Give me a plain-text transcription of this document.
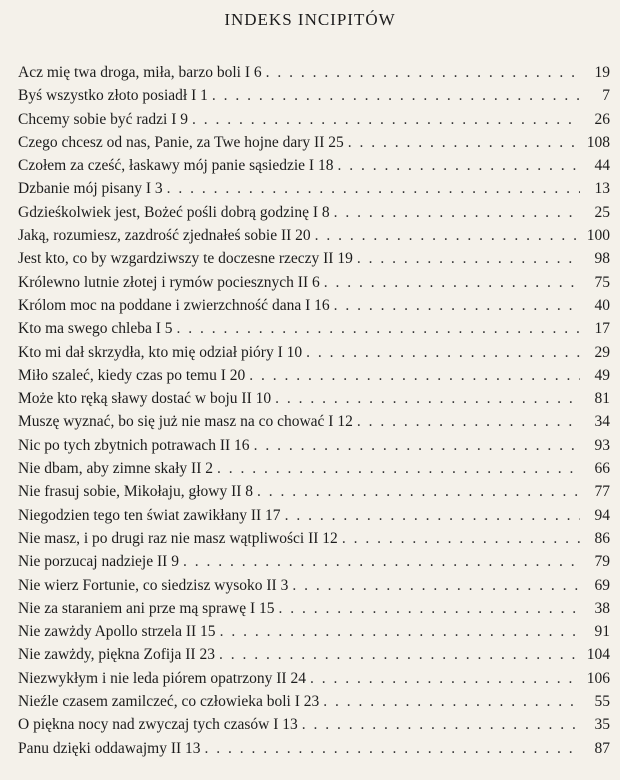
INDEKS INCIPITÓW
Acz mię twa droga, miła, barzo boli I 6 . . .	19
Byś wszystko złoto posiadł I 1 . . .	7
Chcemy sobie być radzi I 9 . . .	26
Czego chcesz od nas, Panie, za Twe hojne dary II 25 . . .	108
Czołem za cześć, łaskawy mój panie sąsiedzie I 18 . . .	44
Dzbanie mój pisany I 3 . . .	13
Gdzieśkolwiek jest, Bożeć pośli dobrą godzinę I 8 . . .	25
Jaką, rozumiesz, zazdrość zjednałeś sobie II 20 . . .	100
Jest kto, co by wzgardziwszy te doczesne rzeczy II 19 . . .	98
Królewno lutnie złotej i rymów pociesznych II 6 . . .	75
Królom moc na poddane i zwierzchność dana I 16 . . .	40
Kto ma swego chleba I 5 . . .	17
Kto mi dał skrzydła, kto mię odział pióry I 10 . . .	29
Miło szaleć, kiedy czas po temu I 20 . . .	49
Może kto ręką sławy dostać w boju II 10 . . .	81
Muszę wyznać, bo się już nie masz na co chować I 12 . . .	34
Nic po tych zbytnich potrawach II 16 . . .	93
Nie dbam, aby zimne skały II 2 . . .	66
Nie frasuj sobie, Mikołaju, głowy II 8 . . .	77
Niegodzien tego ten świat zawikłany II 17 . . .	94
Nie masz, i po drugi raz nie masz wątpliwości II 12 . . .	86
Nie porzucaj nadzieje II 9 . . .	79
Nie wierz Fortunie, co siedzisz wysoko II 3 . . .	69
Nie za staraniem ani prze mą sprawę I 15 . . .	38
Nie zawżdy Apollo strzela II 15 . . .	91
Nie zawżdy, piękna Zofija II 23 . . .	104
Niezwykłym i nie leda piórem opatrzony II 24 . . .	106
Nieźle czasem zamilczeć, co człowieka boli I 23 . . .	55
O piękna nocy nad zwyczaj tych czasów I 13 . . .	35
Panu dzięki oddawajmy II 13 . . .	87
